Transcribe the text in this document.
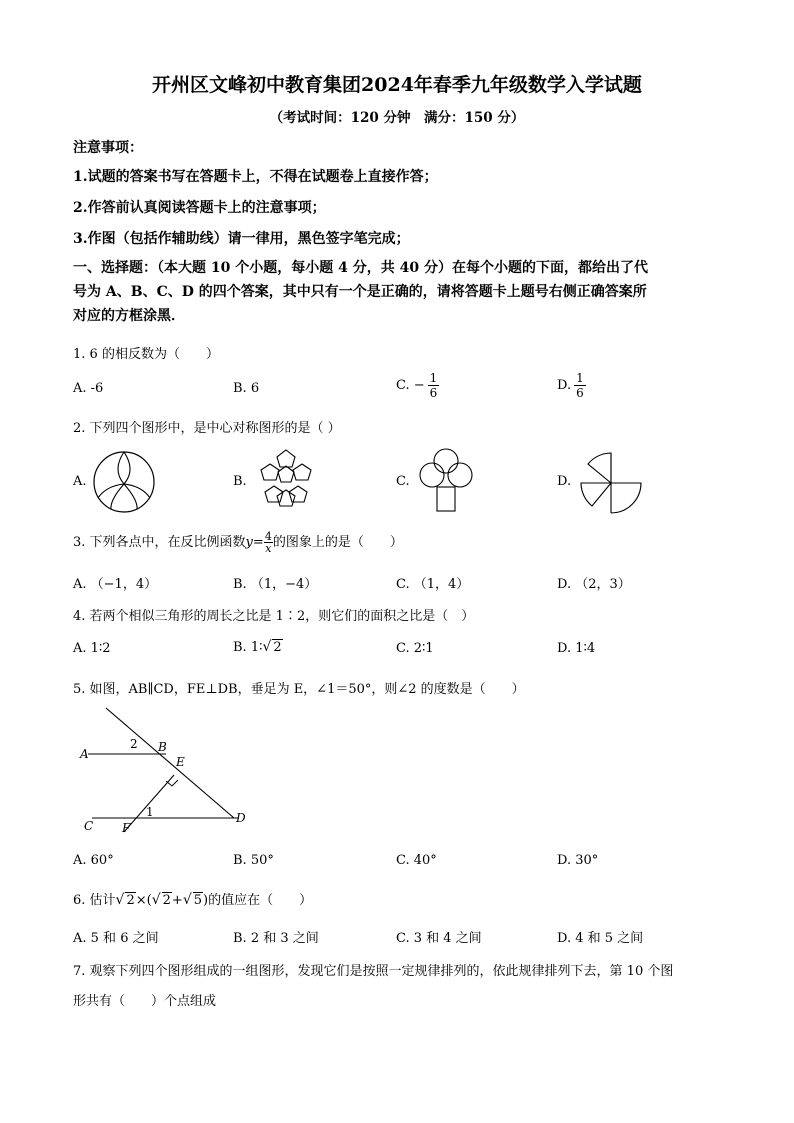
开州区文峰初中教育集团2024年春季九年级数学入学试题
（考试时间：120 分钟　满分：150 分）
注意事项：
1.试题的答案书写在答题卡上，不得在试题卷上直接作答；
2.作答前认真阅读答题卡上的注意事项；
3.作图（包括作辅助线）请一律用，黑色签字笔完成；
一、选择题：（本大题 10 个小题，每小题 4 分，共 40 分）在每个小题的下面，都给出了代
号为 A、B、C、D 的四个答案，其中只有一个是正确的，请将答题卡上题号右侧正确答案所
对应的方框涂黑．
1. 6 的相反数为（　　）
A. -6	B. 6	C. − $\frac{1}{6}$	D. $\frac{1}{6}$
2. 下列四个图形中，是中心对称图形的是（ ）
A.	B.	C.	D.
3. 下列各点中，在反比例函数$y= \frac{4}{x}$ 的图象上的是（　　）
A. （−1，4）	B. （1，−4）	C. （1，4）	D. （2，3）
4. 若两个相似三角形的周长之比是 1∶2，则它们的面积之比是（　）
A. 1∶2	B. 1∶√ 2	C. 2∶1	D. 1∶4
5. 如图，AB∥CD，FE⊥DB，垂足为 E，∠1＝50°，则∠2 的度数是（　　）
A
2 B
E
1
C F
D
A. 60°	B. 50°	C. 40°	D. 30°
6. 估计√ 2×(√ 2+√ 5)的值应在（　　）
A. 5 和 6 之间	B. 2 和 3 之间	C. 3 和 4 之间	D. 4 和 5 之间
7. 观察下列四个图形组成的一组图形，发现它们是按照一定规律排列的，依此规律排列下去，第 10 个图
形共有（　　）个点组成
